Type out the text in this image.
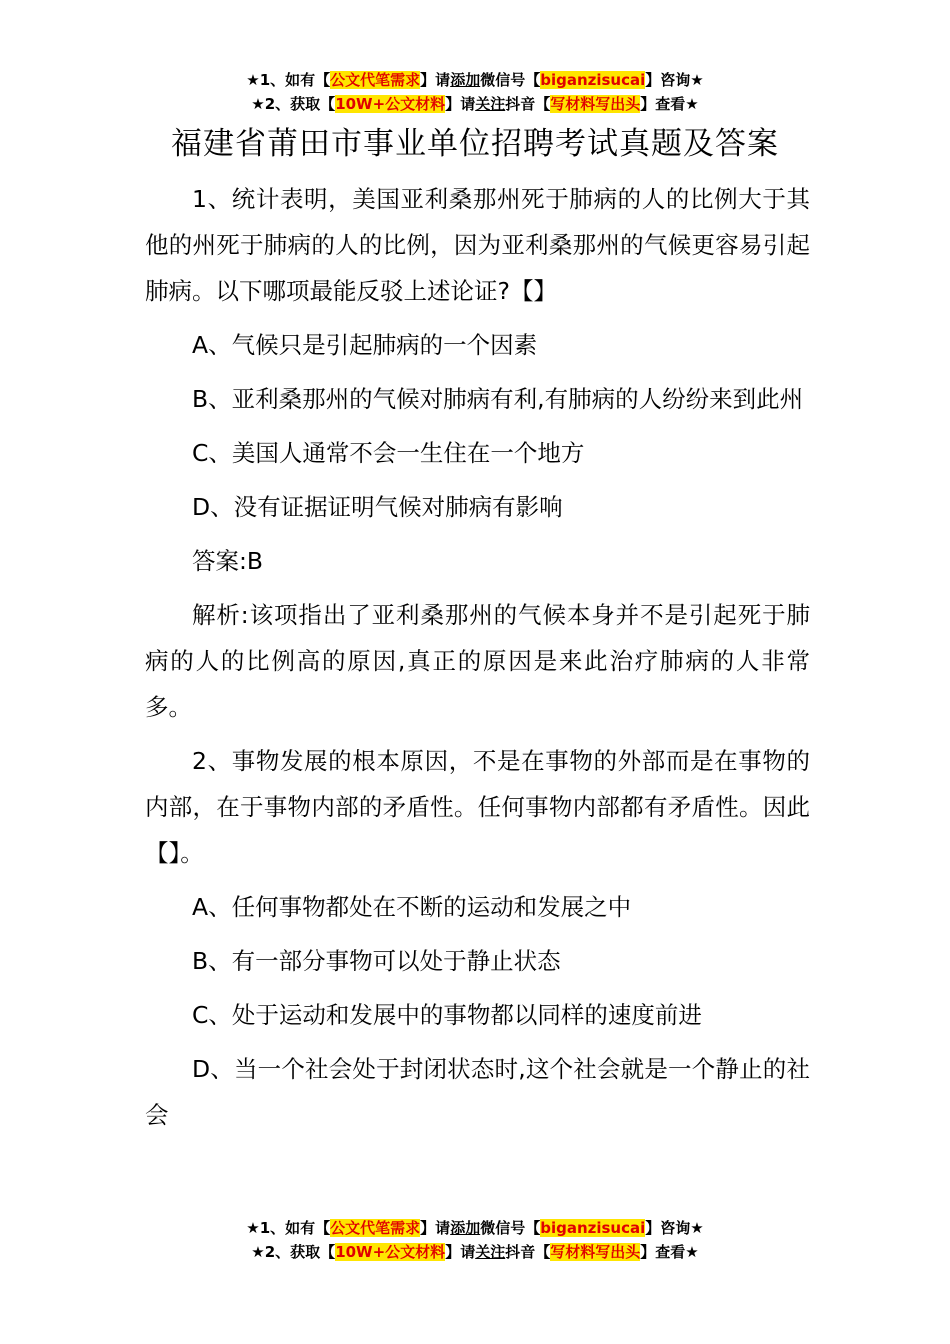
★1、如有【公文代笔需求】请添加微信号【biganzisucai】咨询★
★2、获取【10W+公文材料】请关注抖音【写材料写出头】查看★
福建省莆田市事业单位招聘考试真题及答案

1、统计表明，美国亚利桑那州死于肺病的人的比例大于其他的州死于肺病的人的比例，因为亚利桑那州的气候更容易引起肺病。以下哪项最能反驳上述论证?【】

A、气候只是引起肺病的一个因素

B、亚利桑那州的气候对肺病有利,有肺病的人纷纷来到此州

C、美国人通常不会一生住在一个地方

D、没有证据证明气候对肺病有影响

答案:B

解析:该项指出了亚利桑那州的气候本身并不是引起死于肺病的人的比例高的原因,真正的原因是来此治疗肺病的人非常多。

2、事物发展的根本原因，不是在事物的外部而是在事物的内部，在于事物内部的矛盾性。任何事物内部都有矛盾性。因此【】。

A、任何事物都处在不断的运动和发展之中

B、有一部分事物可以处于静止状态

C、处于运动和发展中的事物都以同样的速度前进

D、当一个社会处于封闭状态时,这个社会就是一个静止的社会

★1、如有【公文代笔需求】请添加微信号【biganzisucai】咨询★
★2、获取【10W+公文材料】请关注抖音【写材料写出头】查看★
